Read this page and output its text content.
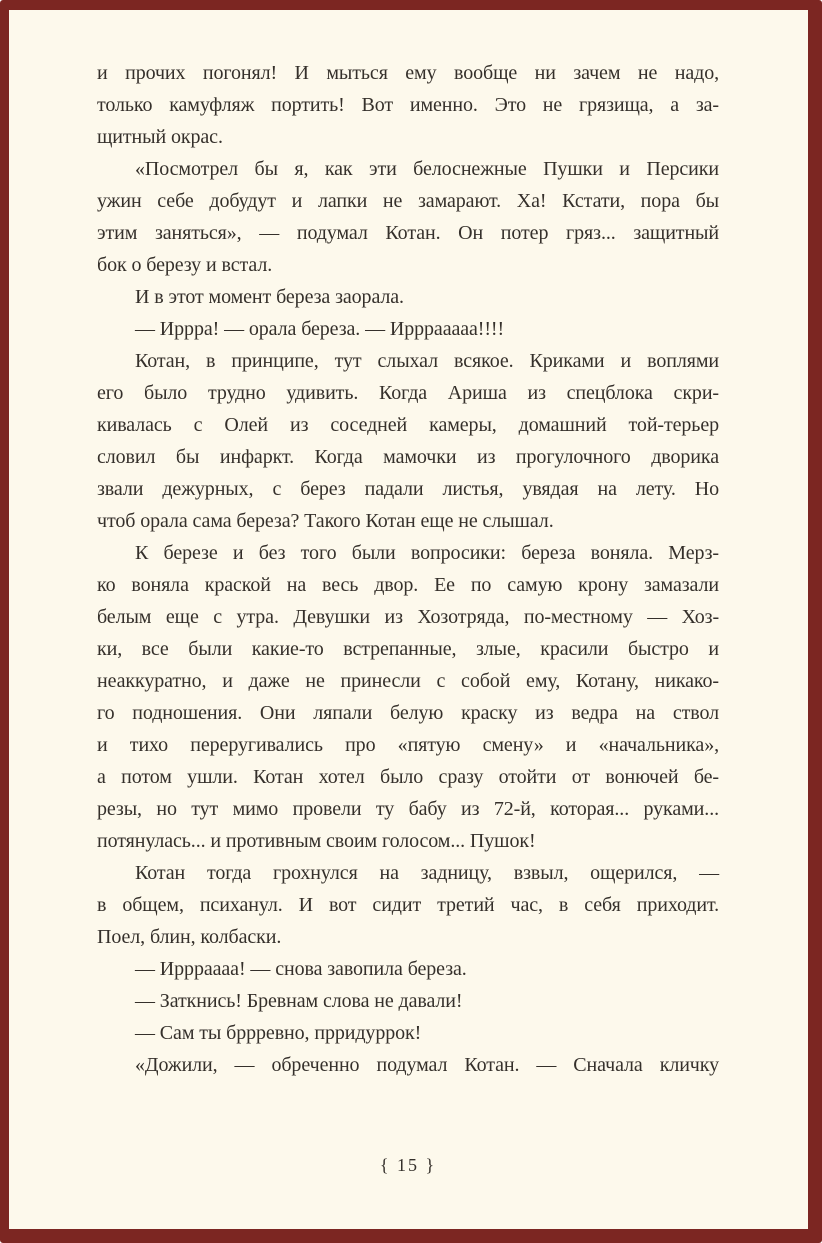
и прочих погонял! И мыться ему вообще ни зачем не надо,
только камуфляж портить! Вот именно. Это не грязища, а за-
щитный окрас.
«Посмотрел бы я, как эти белоснежные Пушки и Персики
ужин себе добудут и лапки не замарают. Ха! Кстати, пора бы
этим заняться», — подумал Котан. Он потер гряз... защитный
бок о березу и встал.
И в этот момент береза заорала.
— Иррра! — орала береза. — Ирррааааа!!!!
Котан, в принципе, тут слыхал всякое. Криками и воплями
его было трудно удивить. Когда Ариша из спецблока скри-
кивалась с Олей из соседней камеры, домашний той-терьер
словил бы инфаркт. Когда мамочки из прогулочного дворика
звали дежурных, с берез падали листья, увядая на лету. Но
чтоб орала сама береза? Такого Котан еще не слышал.
К березе и без того были вопросики: береза воняла. Мерз-
ко воняла краской на весь двор. Ее по самую крону замазали
белым еще с утра. Девушки из Хозотряда, по-местному — Хоз-
ки, все были какие-то встрепанные, злые, красили быстро и
неаккуратно, и даже не принесли с собой ему, Котану, никако-
го подношения. Они ляпали белую краску из ведра на ствол
и тихо переругивались про «пятую смену» и «начальника»,
а потом ушли. Котан хотел было сразу отойти от вонючей бе-
резы, но тут мимо провели ту бабу из 72-й, которая... руками...
потянулась... и противным своим голосом... Пушок!
Котан тогда грохнулся на задницу, взвыл, ощерился, —
в общем, психанул. И вот сидит третий час, в себя приходит.
Поел, блин, колбаски.
— Иррраааа! — снова завопила береза.
— Заткнись! Бревнам слова не давали!
— Сам ты бррревно, прридуррок!
«Дожили, — обреченно подумал Котан. — Сначала кличку
{ 15 }
